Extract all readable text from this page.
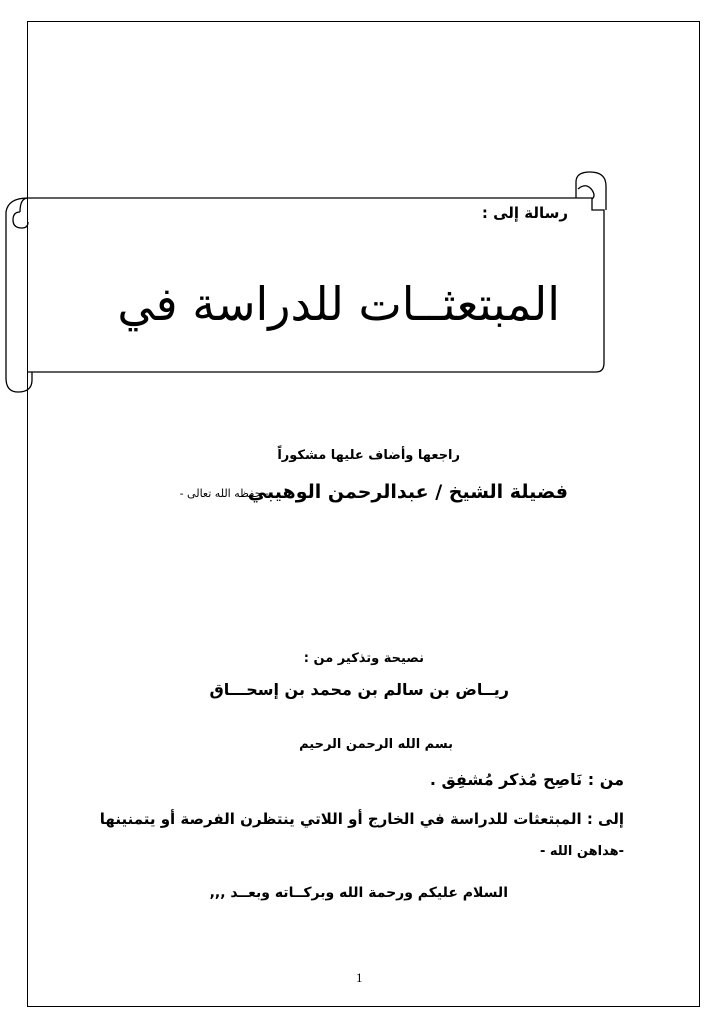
رسالة إلى :
المبتعثــات للدراسة في
راجعها وأضاف عليها مشكوراً
فضيلة الشيخ / عبدالرحمن الوهيبي
- حفظه الله تعالى -
نصيحة وتذكير من :
ريــاض بن سالم بن محمد بن إسحـــاق
بسم الله الرحمن الرحيم
من : نَاصِح مُذكر مُشفِق .
إلى : المبتعثات للدراسة في الخارج أو اللاتي ينتظرن الفرصة أو يتمنينها
-هداهن الله -
السلام عليكم ورحمة الله وبركــاته وبعــد ,,,
1
